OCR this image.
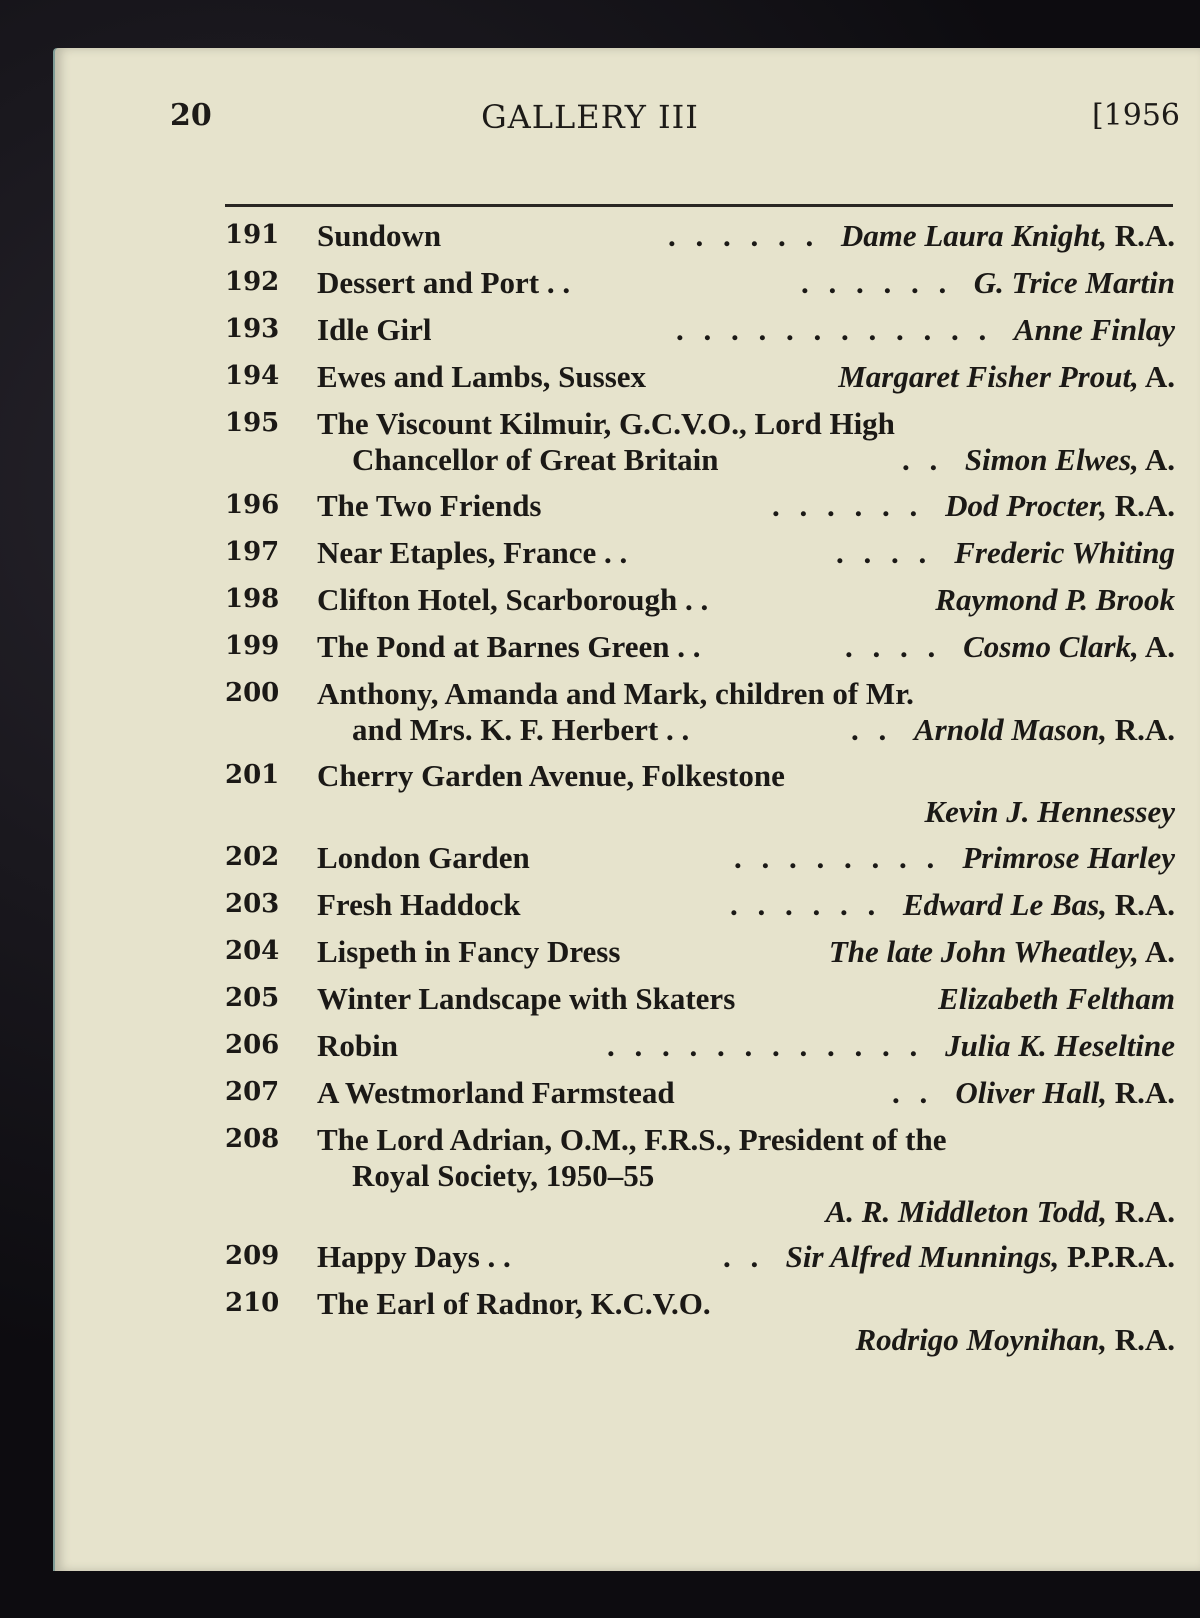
20	GALLERY III	[1956
191	Sundown	. . . . . . Dame Laura Knight, R.A.
192	Dessert and Port . .	. . . . . . G. Trice Martin
193	Idle Girl	. . . . . . . . . . . . Anne Finlay
194	Ewes and Lambs, Sussex	Margaret Fisher Prout, A.
195	The Viscount Kilmuir, G.C.V.O., Lord High
Chancellor of Great Britain	. . Simon Elwes, A.
196	The Two Friends	. . . . . . Dod Procter, R.A.
197	Near Etaples, France . .	. . . . Frederic Whiting
198	Clifton Hotel, Scarborough . .	Raymond P. Brook
199	The Pond at Barnes Green . .	. . . . Cosmo Clark, A.
200	Anthony, Amanda and Mark, children of Mr.
and Mrs. K. F. Herbert . .	. . Arnold Mason, R.A.
201	Cherry Garden Avenue, Folkestone
Kevin J. Hennessey
202	London Garden	. . . . . . . . Primrose Harley
203	Fresh Haddock	. . . . . . Edward Le Bas, R.A.
204	Lispeth in Fancy Dress	The late John Wheatley, A.
205	Winter Landscape with Skaters	Elizabeth Feltham
206	Robin	. . . . . . . . . . . . Julia K. Heseltine
207	A Westmorland Farmstead	. . Oliver Hall, R.A.
208	The Lord Adrian, O.M., F.R.S., President of the
Royal Society, 1950–55
A. R. Middleton Todd, R.A.
209	Happy Days . .	. . Sir Alfred Munnings, P.P.R.A.
210	The Earl of Radnor, K.C.V.O.
Rodrigo Moynihan, R.A.
